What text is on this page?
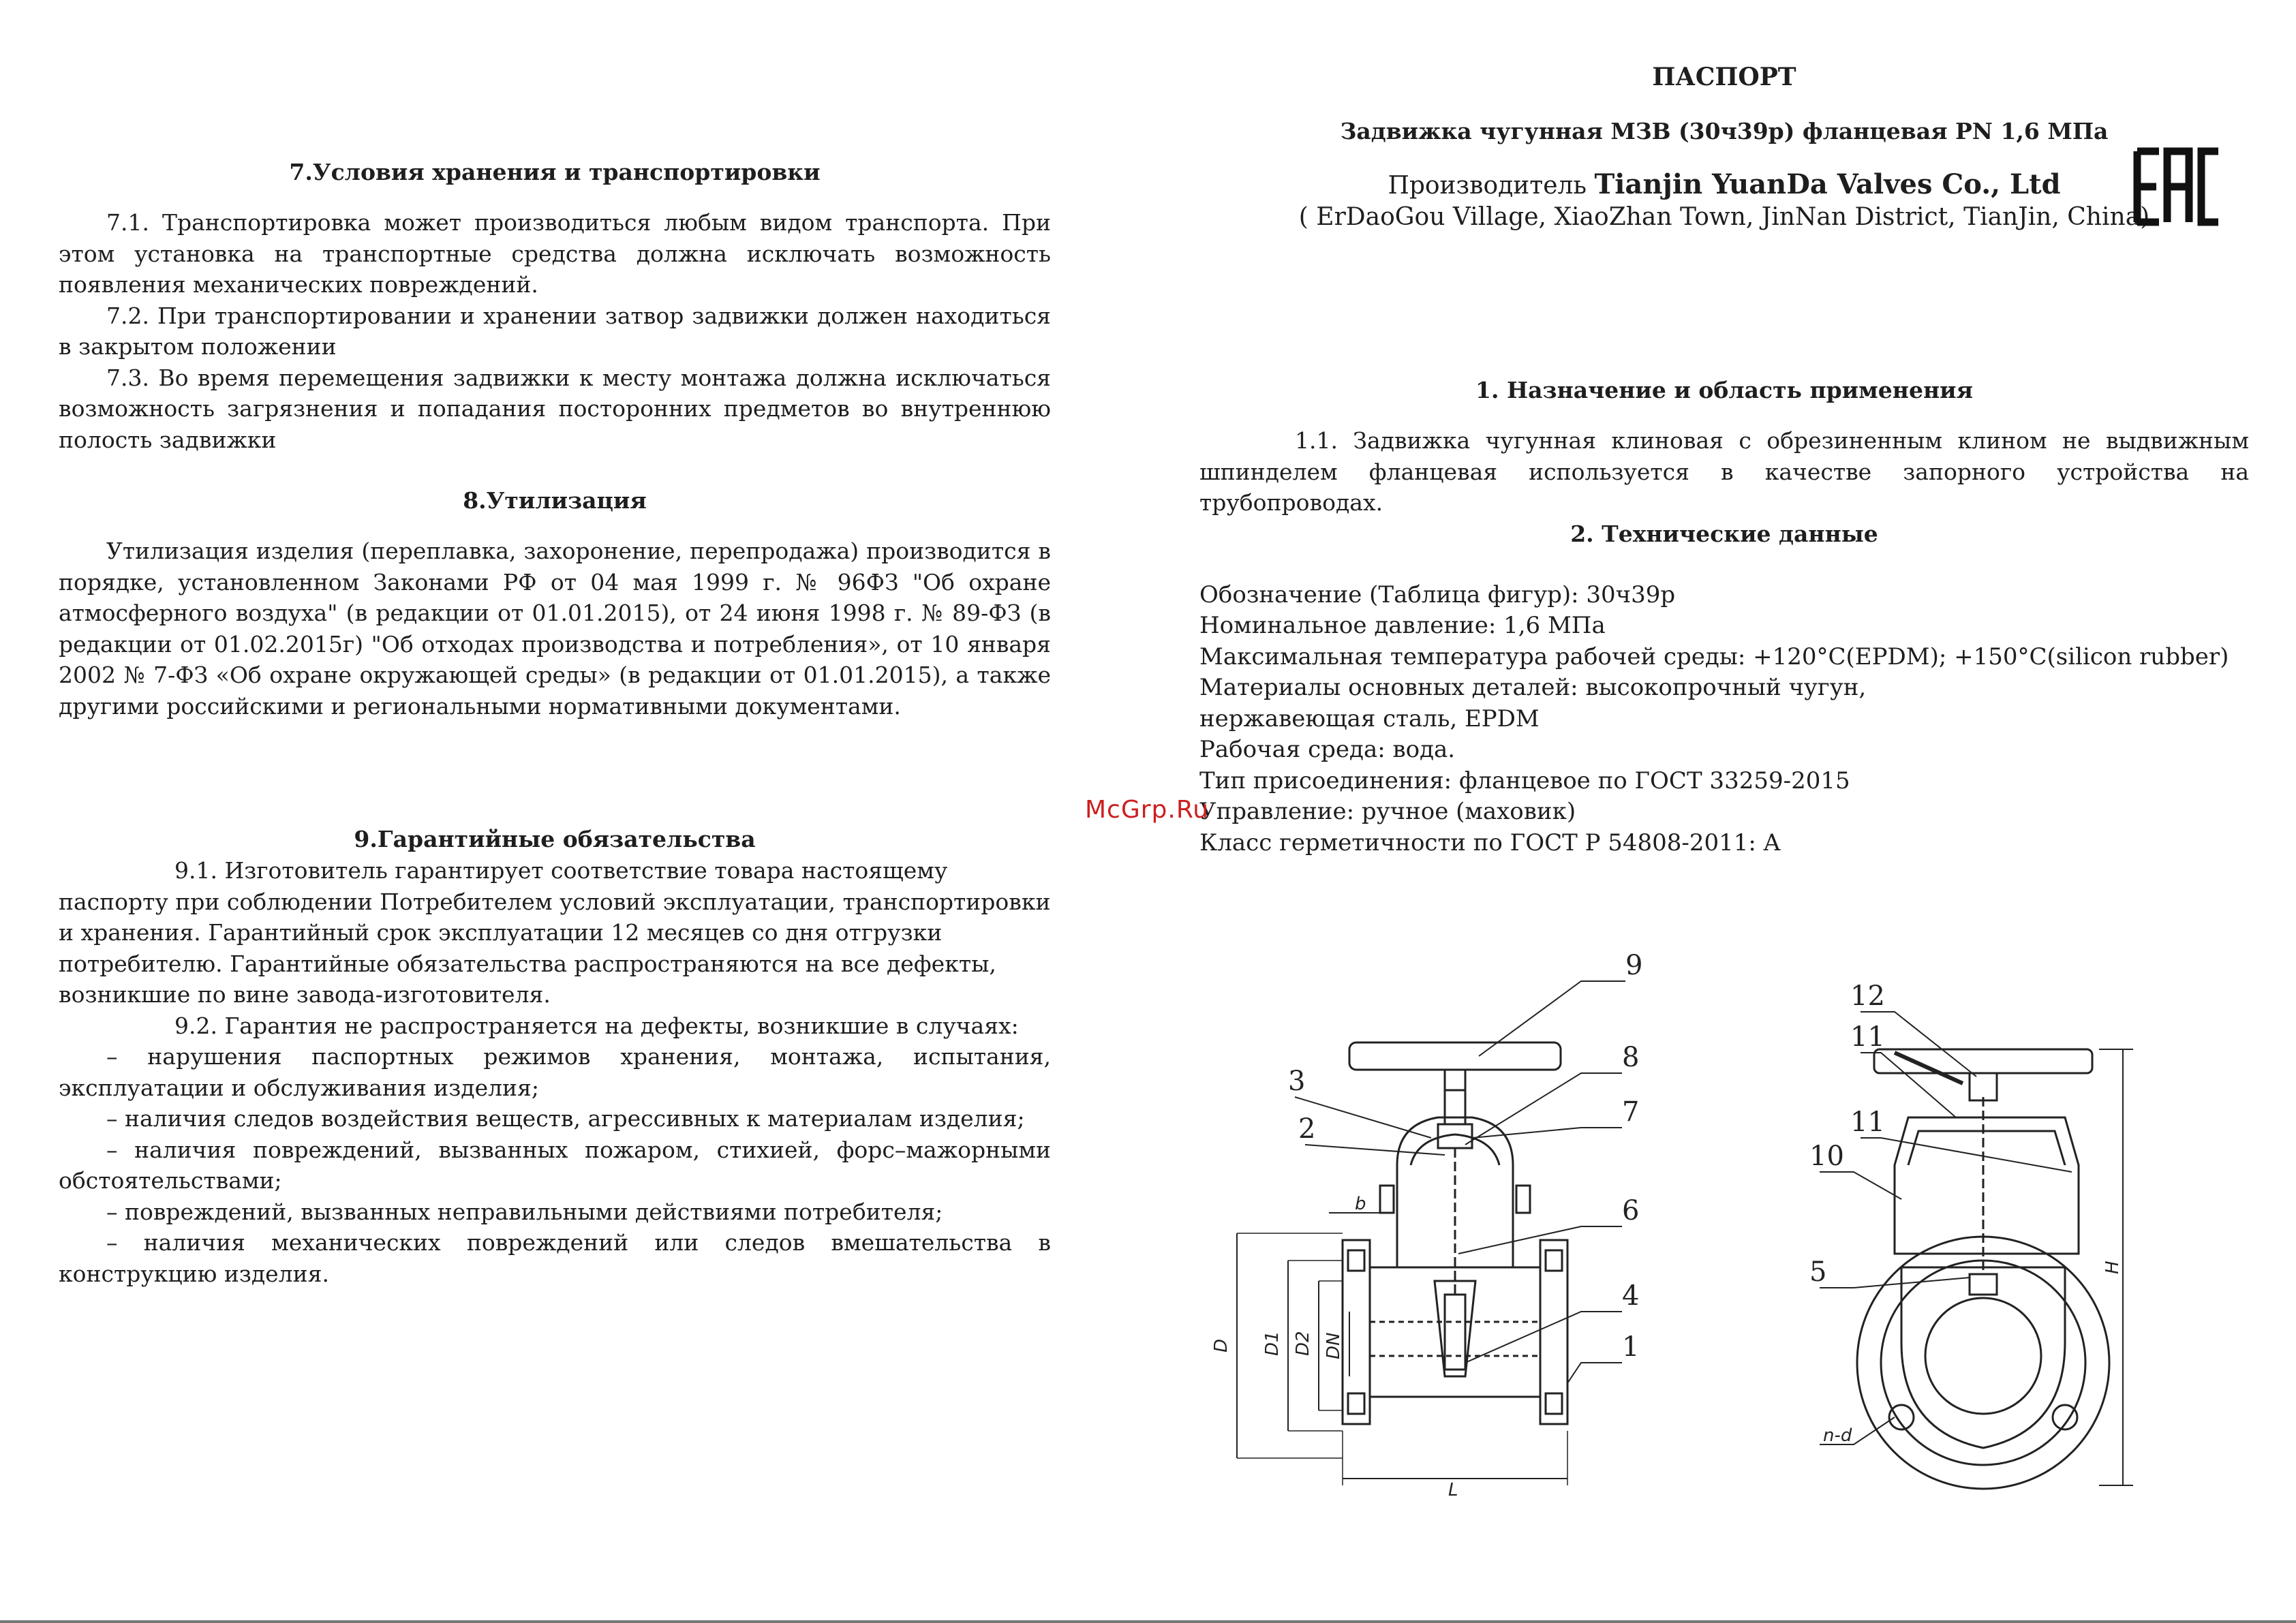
7.Условия хранения и транспортировки

7.1. Транспортировка может производиться любым видом транспорта. При этом установка на транспортные средства должна исключать возможность появления механических повреждений.

7.2. При транспортировании и хранении затвор задвижки должен находиться в закрытом положении

7.3. Во время перемещения задвижки к месту монтажа должна исключаться возможность загрязнения и попадания посторонних предметов во внутреннюю полость задвижки

8.Утилизация

Утилизация изделия (переплавка, захоронение, перепродажа) производится в порядке, установленном Законами РФ от 04 мая 1999 г. № 96ФЗ "Об охране атмосферного воздуха" (в редакции от 01.01.2015), от 24 июня 1998 г. № 89-ФЗ (в редакции от 01.02.2015г) "Об отходах производства и потребления», от 10 января 2002 № 7-ФЗ «Об охране окружающей среды» (в редакции от 01.01.2015), а также другими российскими и региональными нормативными документами.

9.Гарантийные обязательства

9.1. Изготовитель гарантирует соответствие товара настоящему паспорту при соблюдении Потребителем условий эксплуатации, транспортировки и хранения. Гарантийный срок эксплуатации 12 месяцев со дня отгрузки потребителю. Гарантийные обязательства распространяются на все дефекты, возникшие по вине завода-изготовителя.

9.2. Гарантия не распространяется на дефекты, возникшие в случаях:

– нарушения паспортных режимов хранения, монтажа, испытания, эксплуатации и обслуживания изделия;

– наличия следов воздействия веществ, агрессивных к материалам изделия;

– наличия повреждений, вызванных пожаром, стихией, форс–мажорными обстоятельствами;

– повреждений, вызванных неправильными действиями потребителя;

– наличия механических повреждений или следов вмешательства в конструкцию изделия.

ПАСПОРТ

Задвижка чугунная МЗВ (30ч39р) фланцевая PN 1,6 МПа

Производитель Tianjin YuanDa Valves Co., Ltd

( ErDaoGou Village, XiaoZhan Town, JinNan District, TianJin, China)

1. Назначение и область применения

1.1. Задвижка чугунная клиновая с обрезиненным клином не выдвижным шпинделем фланцевая используется в качестве запорного устройства на трубопроводах.

2. Технические данные

Обозначение (Таблица фигур): 30ч39р

Номинальное давление: 1,6 МПа

Максимальная температура рабочей среды: +120°C(EPDM); +150°C(silicon rubber)

Материалы основных деталей: высокопрочный чугун,

нержавеющая сталь, EPDM

Рабочая среда: вода.

Тип присоединения: фланцевое по ГОСТ 33259-2015

Управление: ручное (маховик)

Класс герметичности по ГОСТ Р 54808-2011: A

McGrp.Ru
9
8
3
2
7
6
4
1
12
11
11
10
5
b
D D1 D2 DN
L
H
n-d
